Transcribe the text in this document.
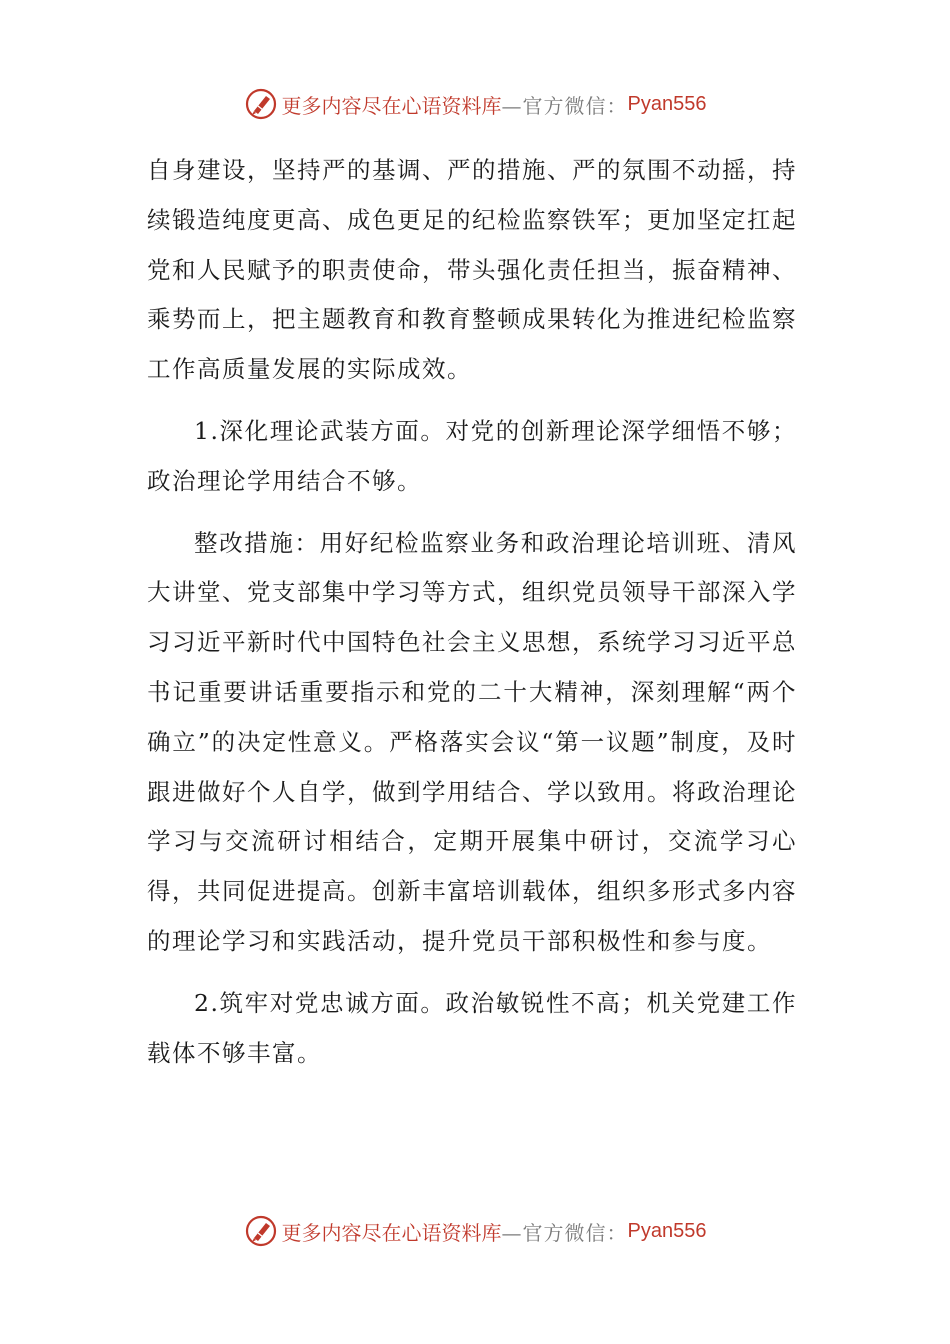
更多内容尽在心语资料库 —官方微信： Pyan556

自身建设，坚持严的基调、严的措施、严的氛围不动摇，持续锻造纯度更高、成色更足的纪检监察铁军；更加坚定扛起党和人民赋予的职责使命，带头强化责任担当，振奋精神、乘势而上，把主题教育和教育整顿成果转化为推进纪检监察工作高质量发展的实际成效。

1.深化理论武装方面。对党的创新理论深学细悟不够；政治理论学用结合不够。

整改措施：用好纪检监察业务和政治理论培训班、清风大讲堂、党支部集中学习等方式，组织党员领导干部深入学习习近平新时代中国特色社会主义思想，系统学习习近平总书记重要讲话重要指示和党的二十大精神，深刻理解“两个确立”的决定性意义。严格落实会议“第一议题”制度，及时跟进做好个人自学，做到学用结合、学以致用。将政治理论学习与交流研讨相结合，定期开展集中研讨，交流学习心得，共同促进提高。创新丰富培训载体，组织多形式多内容的理论学习和实践活动，提升党员干部积极性和参与度。

2.筑牢对党忠诚方面。政治敏锐性不高；机关党建工作载体不够丰富。

更多内容尽在心语资料库 —官方微信： Pyan556
